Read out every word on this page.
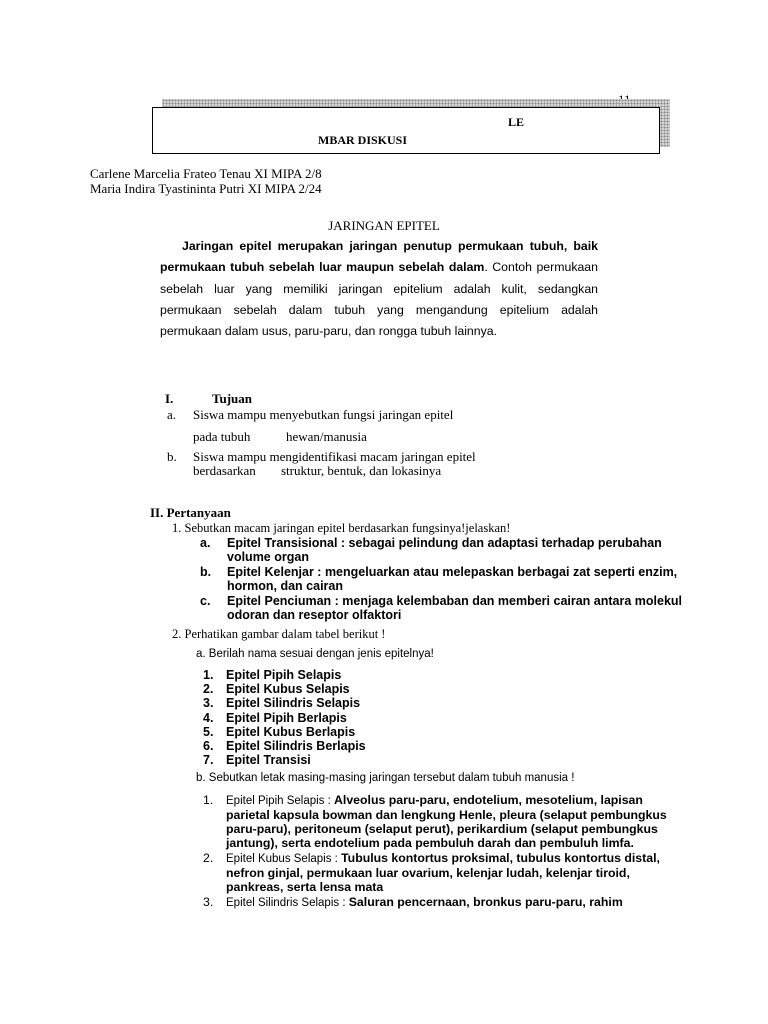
LE
MBAR DISKUSI
Carlene Marcelia Frateo Tenau XI MIPA 2/8
Maria Indira Tyastininta Putri XI MIPA 2/24
JARINGAN EPITEL

Jaringan epitel merupakan jaringan penutup permukaan tubuh, baik permukaan tubuh sebelah luar maupun sebelah dalam. Contoh permukaan sebelah luar yang memiliki jaringan epitelium adalah kulit, sedangkan permukaan sebelah dalam tubuh yang mengandung epitelium adalah permukaan dalam usus, paru-paru, dan rongga tubuh lainnya.

I.	Tujuan
a. Siswa mampu menyebutkan fungsi jaringan epitel
pada tubuh	hewan/manusia
b. Siswa mampu mengidentifikasi macam jaringan epitel
berdasarkan struktur, bentuk, dan lokasinya
II. Pertanyaan
1. Sebutkan macam jaringan epitel berdasarkan fungsinya!jelaskan!
a.	Epitel Transisional : sebagai pelindung dan adaptasi terhadap perubahan volume organ
b.	Epitel Kelenjar : mengeluarkan atau melepaskan berbagai zat seperti enzim, hormon, dan cairan
c.	Epitel Penciuman : menjaga kelembaban dan memberi cairan antara molekul odoran dan reseptor olfaktori
2. Perhatikan gambar dalam tabel berikut !
a. Berilah nama sesuai dengan jenis epitelnya!
1.	Epitel Pipih Selapis
2.	Epitel Kubus Selapis
3.	Epitel Silindris Selapis
4.	Epitel Pipih Berlapis
5.	Epitel Kubus Berlapis
6.	Epitel Silindris Berlapis
7.	Epitel Transisi
b. Sebutkan letak masing-masing jaringan tersebut dalam tubuh manusia !
1.	Epitel Pipih Selapis : Alveolus paru-paru, endotelium, mesotelium, lapisan parietal kapsula bowman dan lengkung Henle, pleura (selaput pembungkus paru-paru), peritoneum (selaput perut), perikardium (selaput pembungkus jantung), serta endotelium pada pembuluh darah dan pembuluh limfa.
2.	Epitel Kubus Selapis : Tubulus kontortus proksimal, tubulus kontortus distal, nefron ginjal, permukaan luar ovarium, kelenjar ludah, kelenjar tiroid, pankreas, serta lensa mata
3.	Epitel Silindris Selapis : Saluran pencernaan, bronkus paru-paru, rahim
